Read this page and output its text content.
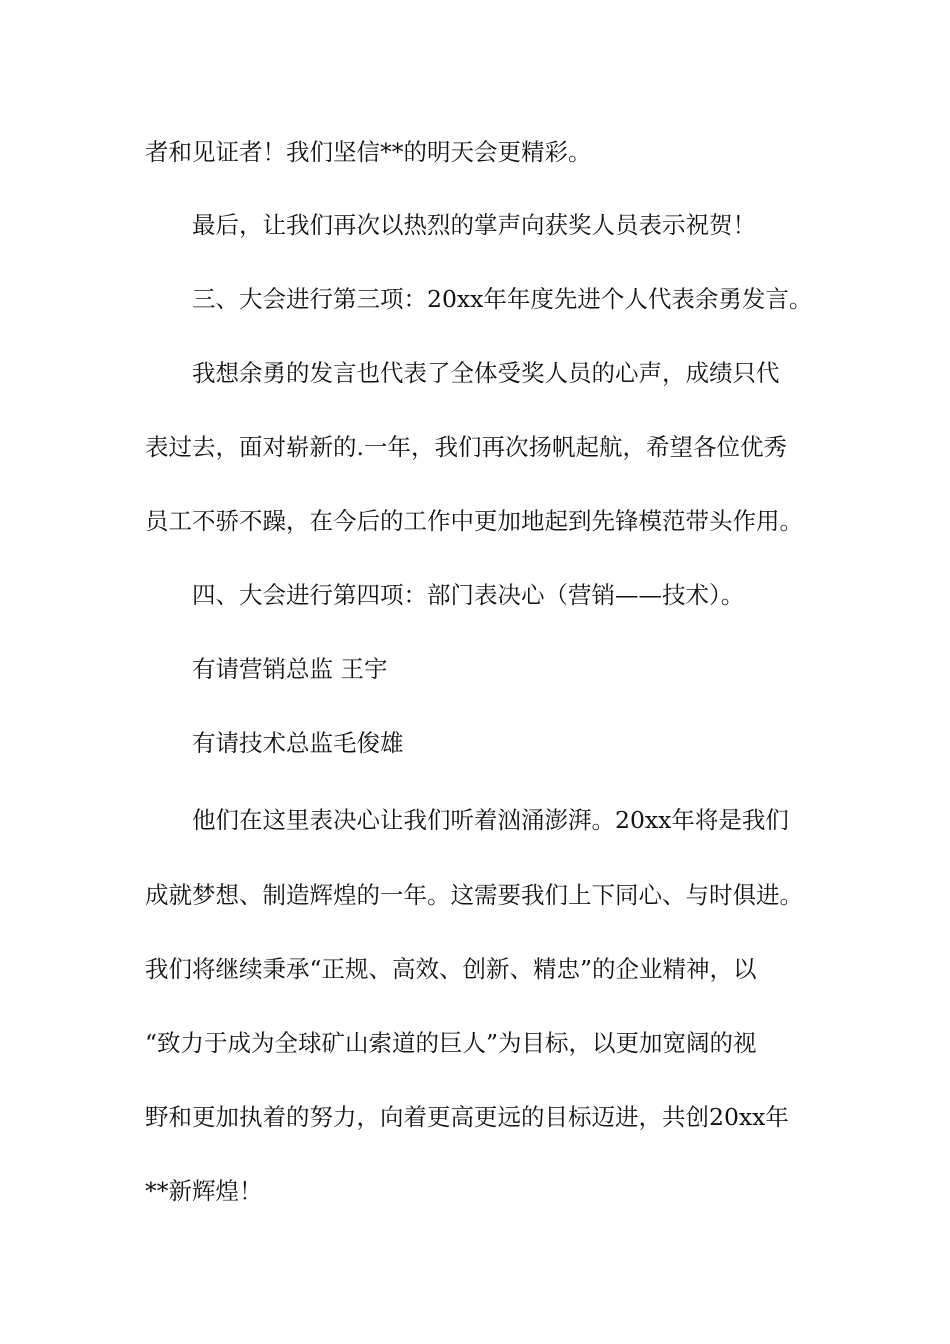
者和见证者！我们坚信**的明天会更精彩。

最后，让我们再次以热烈的掌声向获奖人员表示祝贺！

三、大会进行第三项：20xx年年度先进个人代表余勇发言。

我想余勇的发言也代表了全体受奖人员的心声，成绩只代

表过去，面对崭新的.一年，我们再次扬帆起航，希望各位优秀

员工不骄不躁，在今后的工作中更加地起到先锋模范带头作用。

四、大会进行第四项：部门表决心（营销——技术）。

有请营销总监 王宇

有请技术总监毛俊雄

他们在这里表决心让我们听着汹涌澎湃。20xx年将是我们

成就梦想、制造辉煌的一年。这需要我们上下同心、与时俱进。

我们将继续秉承“正规、高效、创新、精忠”的企业精神，以

“致力于成为全球矿山索道的巨人”为目标，以更加宽阔的视

野和更加执着的努力，向着更高更远的目标迈进，共创20xx年

**新辉煌！
